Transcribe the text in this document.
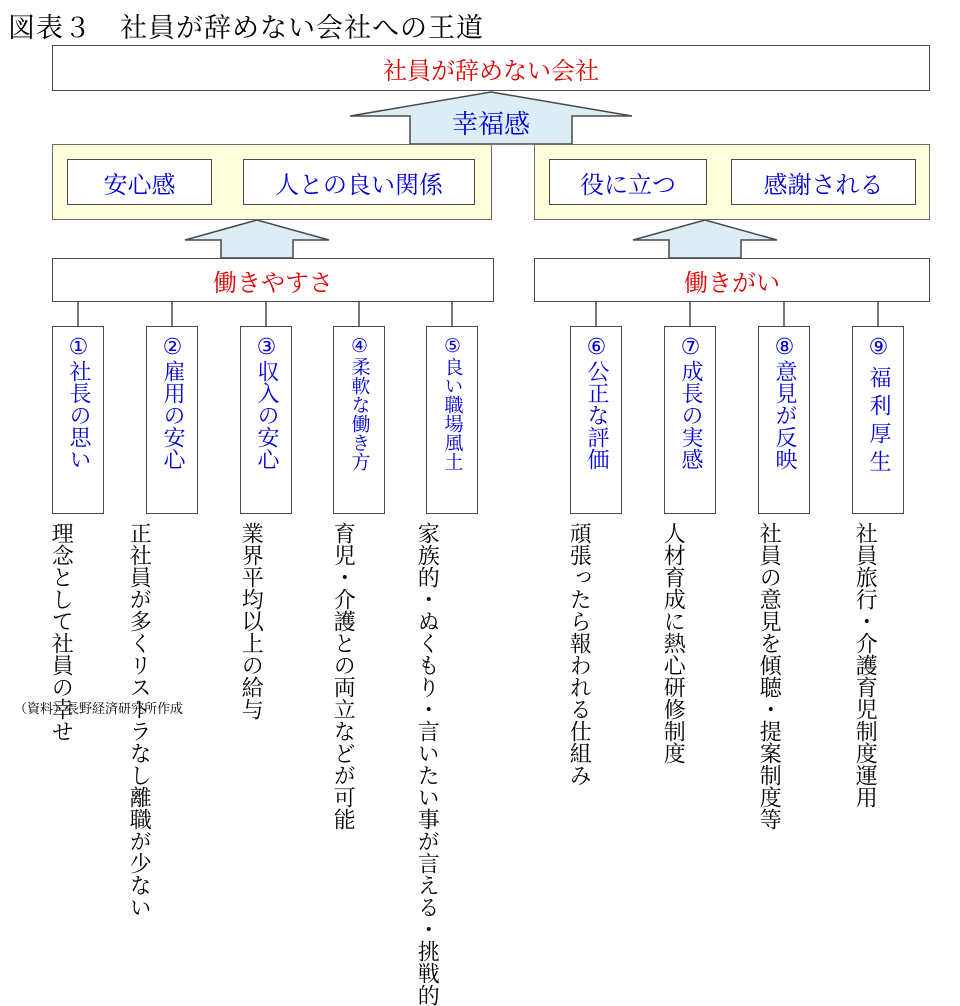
図表３　社員が辞めない会社への王道
社員が辞めない会社
幸福感
安心感	人との良い関係	役に立つ	感謝される
働きやすさ	働きがい
①社長の思い	②雇用の安心	③収入の安心	④柔軟な働き方	⑤良い職場風土	⑥公正な評価	⑦成長の実感	⑧意見が反映	⑨福利厚生
理念として社員の幸せ 正社員が多くリストラなし離職が少ない	業界平均以上の給与	育児・介護との両立などが可能	家族的・ぬくもり・言いたい事が言える・挑戦的	頑張ったら報われる仕組み	人材育成に熱心研修制度	社員の意見を傾聴・提案制度等	社員旅行・介護育児制度運用
（資料）長野経済研究所作成
